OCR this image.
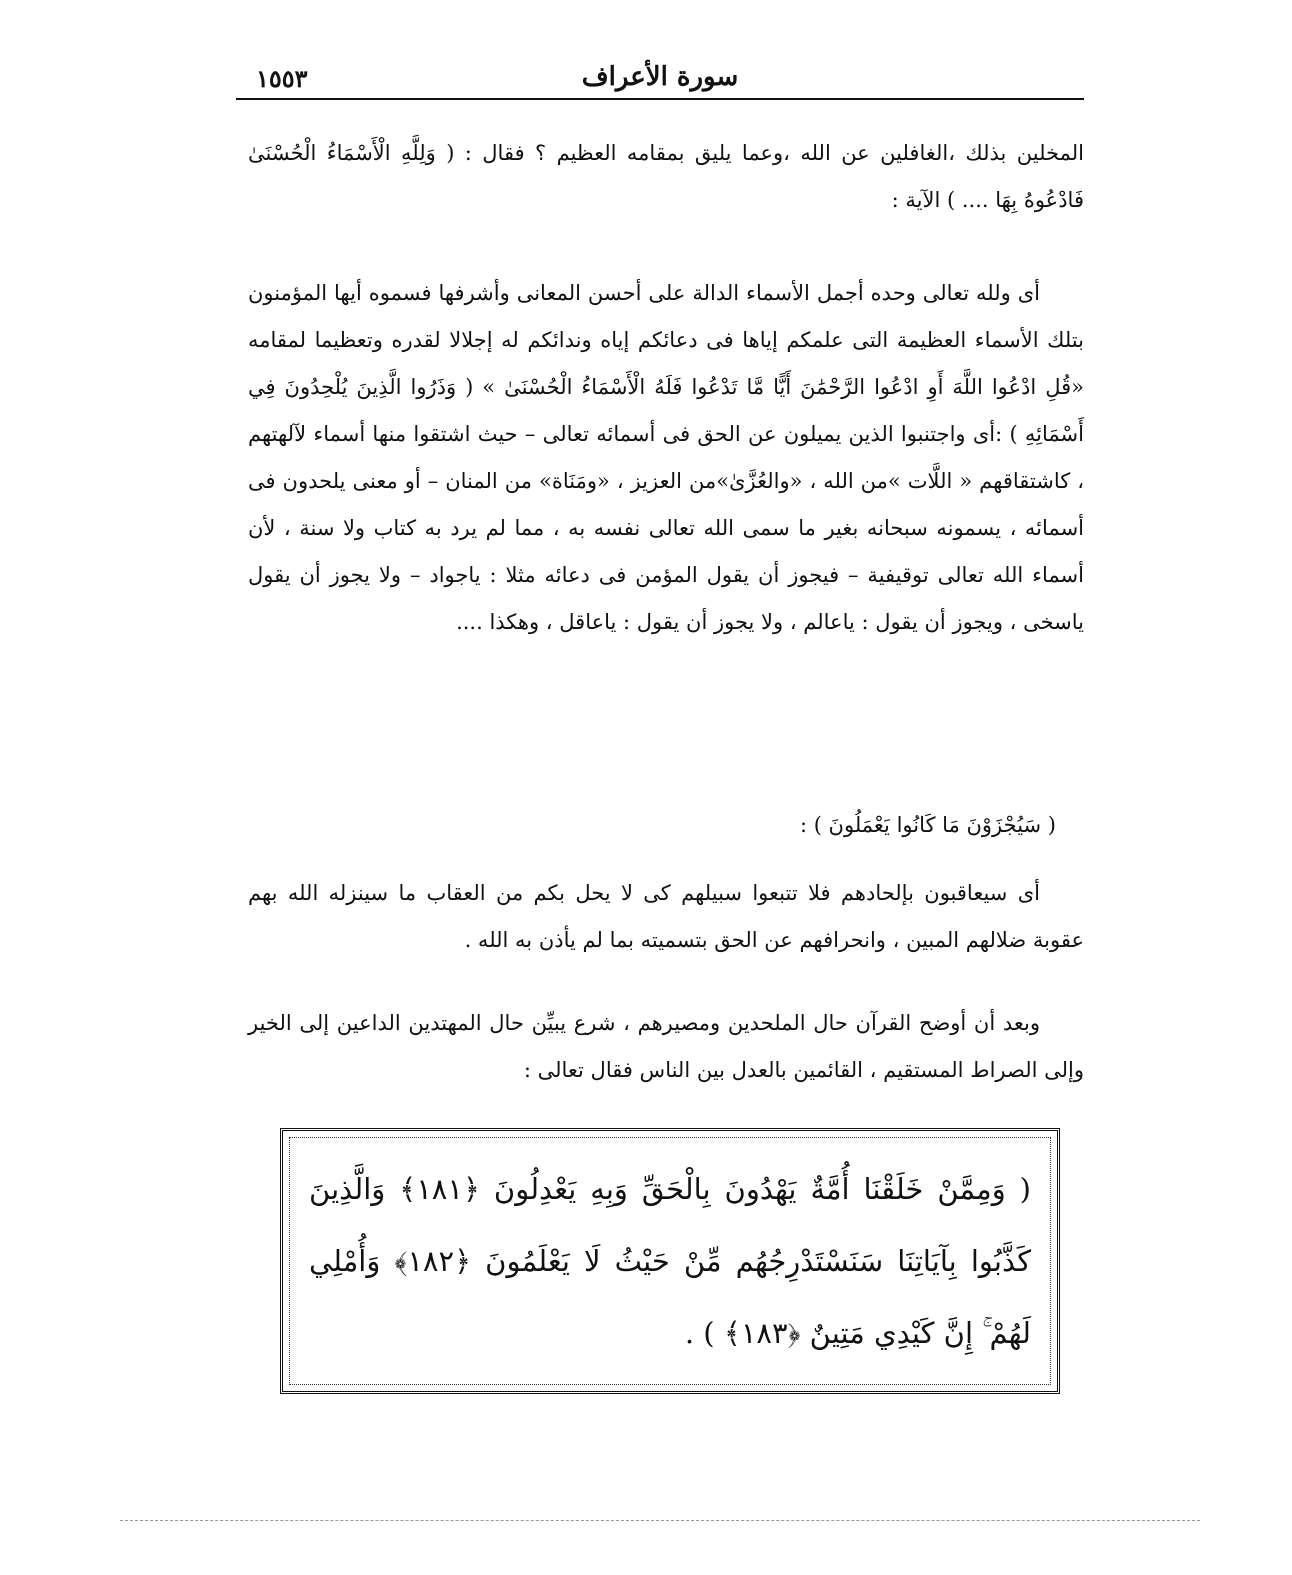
سورة الأعراف
١٥٥٣

المخلين بذلك ،الغافلين عن الله ،وعما يليق بمقامه العظيم ؟ فقال : ( وَلِلَّهِ الْأَسْمَاءُ الْحُسْنَىٰ فَادْعُوهُ بِهَا .... ) الآية :

أى ولله تعالى وحده أجمل الأسماء الدالة على أحسن المعانى وأشرفها فسموه أيها المؤمنون بتلك الأسماء العظيمة التى علمكم إياها فى دعائكم إياه وندائكم له إجلالا لقدره وتعظيما لمقامه «قُلِ ادْعُوا اللَّهَ أَوِ ادْعُوا الرَّحْمَٰنَ أَيًّا مَّا تَدْعُوا فَلَهُ الْأَسْمَاءُ الْحُسْنَىٰ » ( وَذَرُوا الَّذِينَ يُلْحِدُونَ فِي أَسْمَائِهِ ) :أى واجتنبوا الذين يميلون عن الحق فى أسمائه تعالى – حيث اشتقوا منها أسماء لآلهتهم ، كاشتقاقهم « اللَّات »من الله ، «والعُزَّىٰ»من العزيز ، «ومَنَاة» من المنان – أو معنى يلحدون فى أسمائه ، يسمونه سبحانه بغير ما سمى الله تعالى نفسه به ، مما لم يرد به كتاب ولا سنة ، لأن أسماء الله تعالى توقيفية – فيجوز أن يقول المؤمن فى دعائه مثلا : ياجواد – ولا يجوز أن يقول ياسخى ، ويجوز أن يقول : ياعالم ، ولا يجوز أن يقول : ياعاقل ، وهكذا ....

( سَيُجْزَوْنَ مَا كَانُوا يَعْمَلُونَ ) :

أى سيعاقبون بإلحادهم فلا تتبعوا سبيلهم كى لا يحل بكم من العقاب ما سينزله الله بهم عقوبة ضلالهم المبين ، وانحرافهم عن الحق بتسميته بما لم يأذن به الله .

وبعد أن أوضح القرآن حال الملحدين ومصيرهم ، شرع يبيِّن حال المهتدين الداعين إلى الخير وإلى الصراط المستقيم ، القائمين بالعدل بين الناس فقال تعالى :

( وَمِمَّنْ خَلَقْنَا أُمَّةٌ يَهْدُونَ بِالْحَقِّ وَبِهِ يَعْدِلُونَ ﴿١٨١﴾ وَالَّذِينَ كَذَّبُوا بِآيَاتِنَا سَنَسْتَدْرِجُهُم مِّنْ حَيْثُ لَا يَعْلَمُونَ ﴿١٨٢﴾ وَأُمْلِي لَهُمْ ۚ إِنَّ كَيْدِي مَتِينٌ ﴿١٨٣﴾ ) .
